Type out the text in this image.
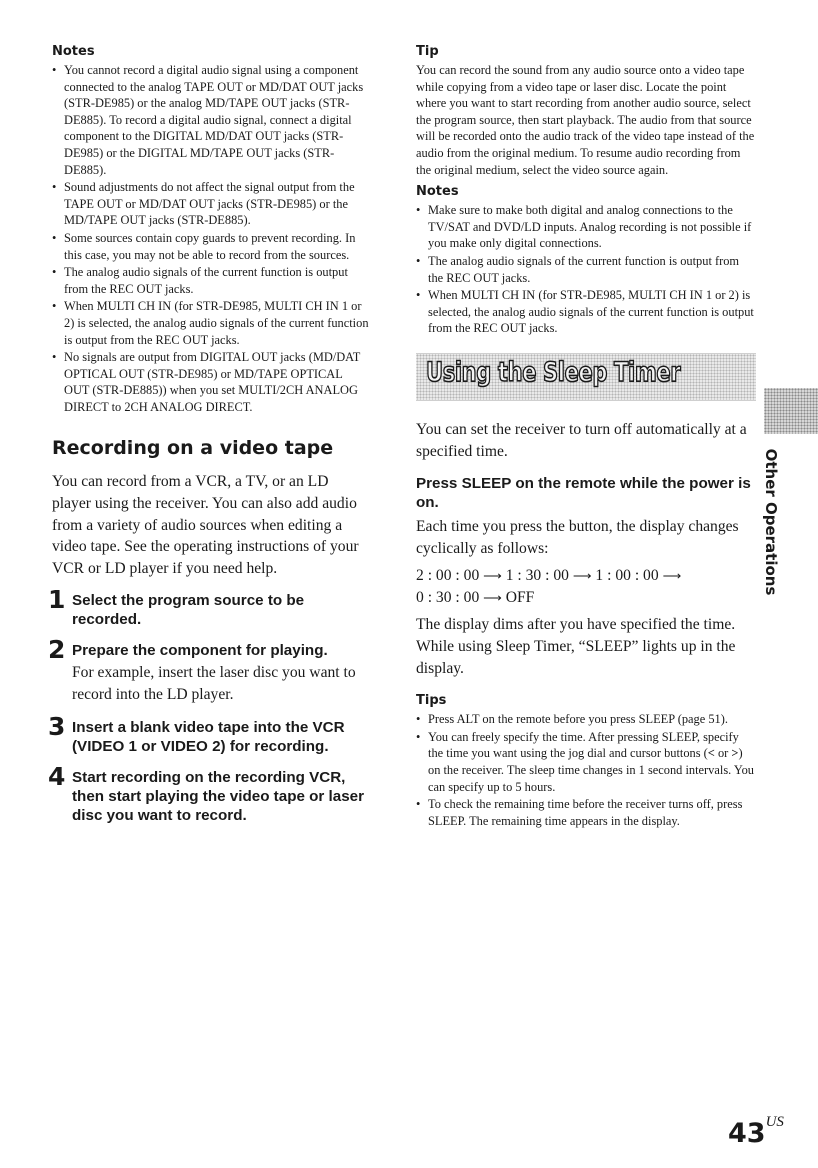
Notes
• You cannot record a digital audio signal using a component connected to the analog TAPE OUT or MD/DAT OUT jacks (STR-DE985) or the analog MD/TAPE OUT jacks (STR-DE885). To record a digital audio signal, connect a digital component to the DIGITAL MD/DAT OUT jacks (STR-DE985) or the DIGITAL MD/TAPE OUT jacks (STR-DE885).
• Sound adjustments do not affect the signal output from the TAPE OUT or MD/DAT OUT jacks (STR-DE985) or the MD/TAPE OUT jacks (STR-DE885).
• Some sources contain copy guards to prevent recording. In this case, you may not be able to record from the sources.
• The analog audio signals of the current function is output from the REC OUT jacks.
• When MULTI CH IN (for STR-DE985, MULTI CH IN 1 or 2) is selected, the analog audio signals of the current function is output from the REC OUT jacks.
• No signals are output from DIGITAL OUT jacks (MD/DAT OPTICAL OUT (STR-DE985) or MD/TAPE OPTICAL OUT (STR-DE885)) when you set MULTI/2CH ANALOG DIRECT to 2CH ANALOG DIRECT.
Recording on a video tape

You can record from a VCR, a TV, or an LD player using the receiver. You can also add audio from a variety of audio sources when editing a video tape. See the operating instructions of your VCR or LD player if you need help.

1 Select the program source to be recorded.
2 Prepare the component for playing.
For example, insert the laser disc you want to record into the LD player.
3 Insert a blank video tape into the VCR (VIDEO 1 or VIDEO 2) for recording.
4 Start recording on the recording VCR, then start playing the video tape or laser disc you want to record.
Tip

You can record the sound from any audio source onto a video tape while copying from a video tape or laser disc. Locate the point where you want to start recording from another audio source, select the program source, then start playback. The audio from that source will be recorded onto the audio track of the video tape instead of the audio from the original medium. To resume audio recording from the original medium, select the video source again.

Notes
• Make sure to make both digital and analog connections to the TV/SAT and DVD/LD inputs. Analog recording is not possible if you make only digital connections.
• The analog audio signals of the current function is output from the REC OUT jacks.
• When MULTI CH IN (for STR-DE985, MULTI CH IN 1 or 2) is selected, the analog audio signals of the current function is output from the REC OUT jacks.
Using the Sleep Timer

You can set the receiver to turn off automatically at a specified time.

Press SLEEP on the remote while the power is on.

Each time you press the button, the display changes cyclically as follows:

2 : 00 : 00 ⟶ 1 : 30 : 00 ⟶ 1 : 00 : 00 ⟶
0 : 30 : 00 ⟶ OFF

The display dims after you have specified the time. While using Sleep Timer, “SLEEP” lights up in the display.

Tips
• Press ALT on the remote before you press SLEEP (page 51).
• You can freely specify the time. After pressing SLEEP, specify the time you want using the jog dial and cursor buttons (< or >) on the receiver. The sleep time changes in 1 second intervals. You can specify up to 5 hours.
• To check the remaining time before the receiver turns off, press SLEEP. The remaining time appears in the display.
Other Operations
$43^{US}$
